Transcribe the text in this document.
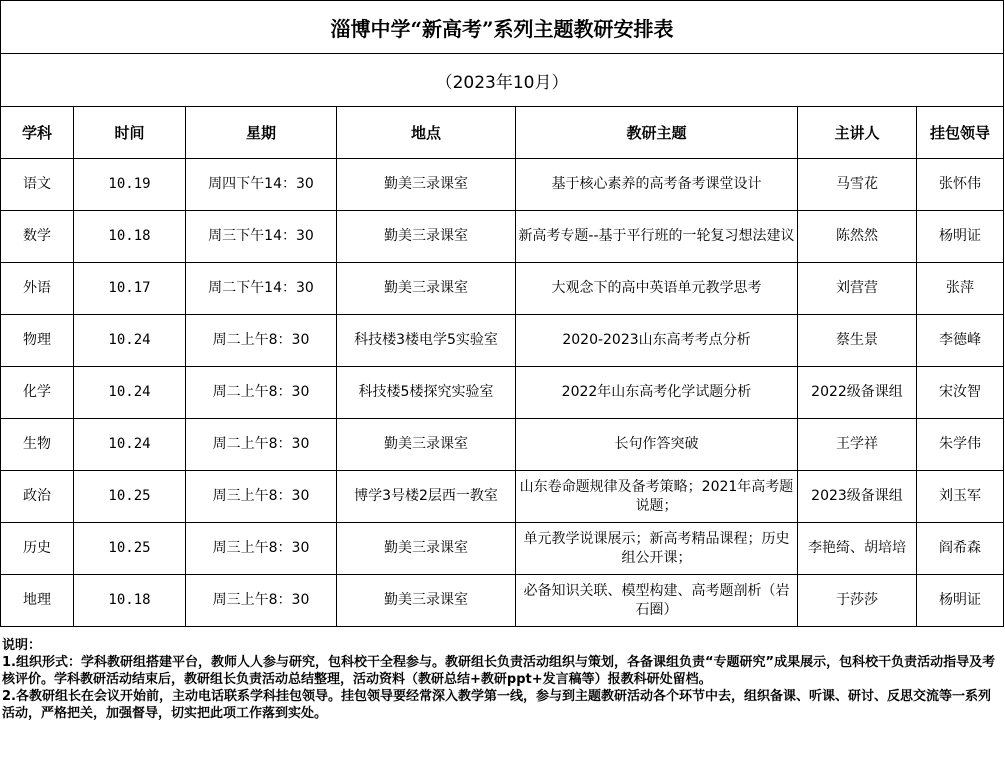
淄博中学“新高考”系列主题教研安排表						
（2023年10月）						
学科	时间	星期	地点	教研主题	主讲人	挂包领导
语文	10.19	周四下午14：30	勤美三录课室	基于核心素养的高考备考课堂设计	马雪花	张怀伟
数学	10.18	周三下午14：30	勤美三录课室	新高考专题--基于平行班的一轮复习想法建议	陈然然	杨明证
外语	10.17	周二下午14：30	勤美三录课室	大观念下的高中英语单元教学思考	刘营营	张萍
物理	10.24	周二上午8：30	科技楼3楼电学5实验室	2020-2023山东高考考点分析	蔡生景	李德峰
化学	10.24	周二上午8：30	科技楼5楼探究实验室	2022年山东高考化学试题分析	2022级备课组	宋汝智
生物	10.24	周二上午8：30	勤美三录课室	长句作答突破	王学祥	朱学伟
政治	10.25	周三上午8：30	博学3号楼2层西一教室	山东卷命题规律及备考策略；2021年高考题说题；	2023级备课组	刘玉军
历史	10.25	周三上午8：30	勤美三录课室	单元教学说课展示；新高考精品课程；历史组公开课；	李艳绮、胡培培	阎希森
地理	10.18	周三上午8：30	勤美三录课室	必备知识关联、模型构建、高考题剖析（岩石圈）	于莎莎	杨明证

说明：

1.组织形式：学科教研组搭建平台，教师人人参与研究，包科校干全程参与。教研组长负责活动组织与策划，各备课组负责“专题研究”成果展示，包科校干负责活动指导及考核评价。学科教研活动结束后，教研组长负责活动总结整理，活动资料（教研总结+教研ppt+发言稿等）报教科研处留档。

2.各教研组长在会议开始前，主动电话联系学科挂包领导。挂包领导要经常深入教学第一线，参与到主题教研活动各个环节中去，组织备课、听课、研讨、反思交流等一系列活动，严格把关，加强督导，切实把此项工作落到实处。
